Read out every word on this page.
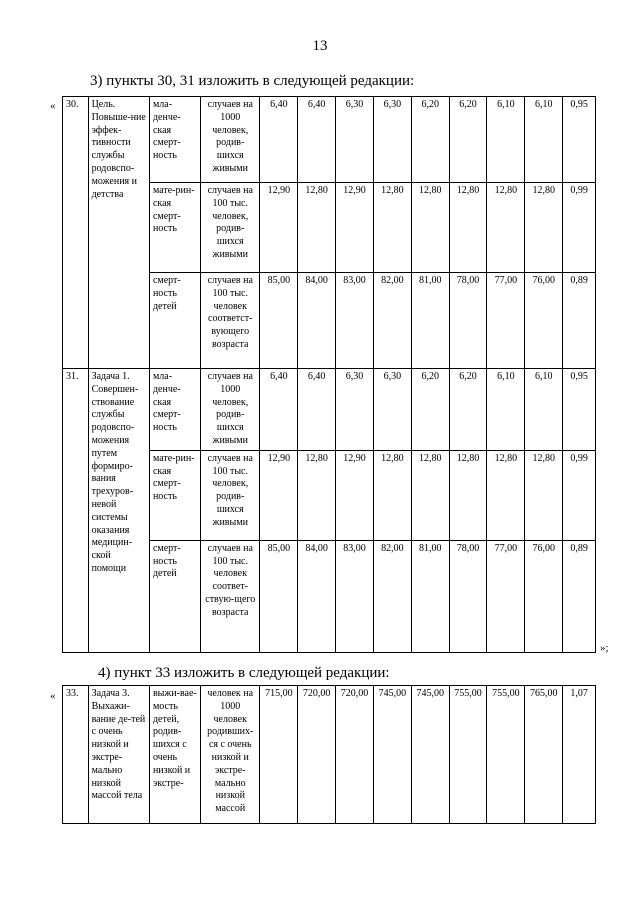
13
3) пункты 30, 31 изложить в следующей редакции:
« 30.	Цель. Повыше-ние эффек-тивности службы родовспо-можения и детства	мла-денче-ская смерт-ность	случаев на 1000 человек, родив-шихся живыми	6,40	6,40	6,30	6,30	6,20	6,20	6,10	6,10	0,95
		мате-рин-ская смерт-ность	случаев на 100 тыс. человек, родив-шихся живыми	12,90	12,80	12,90	12,80	12,80	12,80	12,80	12,80	0,99
		смерт-ность детей	случаев на 100 тыс. человек соответст-вующего возраста	85,00	84,00	83,00	82,00	81,00	78,00	77,00	76,00	0,89
31.	Задача 1. Совершен-ствование службы родовспо-можения путем формиро-вания трехуров-невой системы оказания медицин-ской помощи	мла-денче-ская смерт-ность	случаев на 1000 человек, родив-шихся живыми	6,40	6,40	6,30	6,30	6,20	6,20	6,10	6,10	0,95
		мате-рин-ская смерт-ность	случаев на 100 тыс. человек, родив-шихся живыми	12,90	12,80	12,90	12,80	12,80	12,80	12,80	12,80	0,99
		смерт-ность детей	случаев на 100 тыс. человек соответ-ствую-щего возраста	85,00	84,00	83,00	82,00	81,00	78,00	77,00	76,00	0,89
»;
4) пункт 33 изложить в следующей редакции:
« 33.	Задача 3. Выхажи-вание де-тей с очень низкой и экстре-мально низкой массой тела	выжи-вае-мость детей, родив-шихся с очень низкой и экстре-	человек на 1000 человек родивших-ся с очень низкой и экстре-мально низкой массой	715,00	720,00	720,00	745,00	745,00	755,00	755,00	765,00	1,07
